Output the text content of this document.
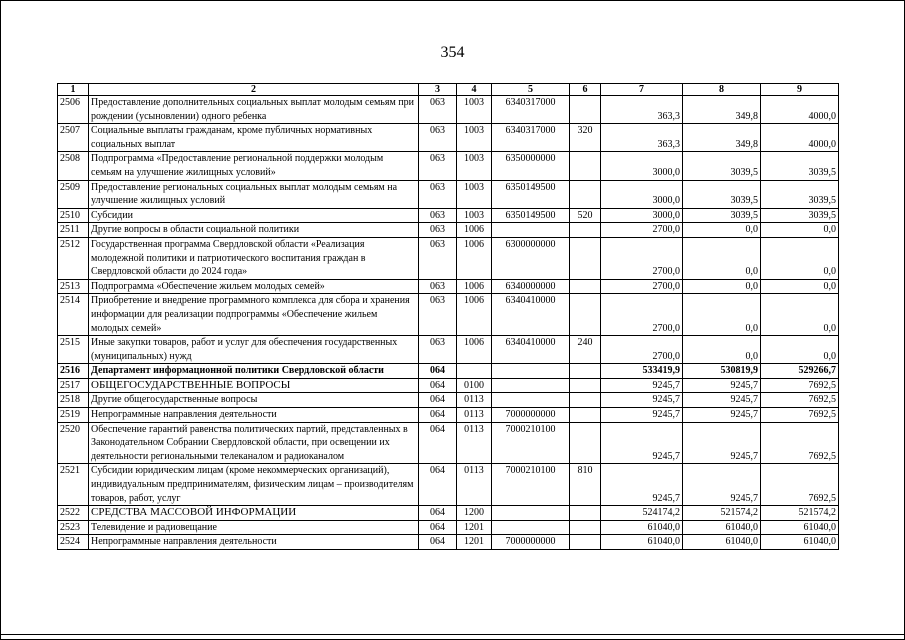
354
1	2	3	4	5	6	7	8	9
2506	Предоставление дополнительных социальных выплат молодым семьям при рождении (усыновлении) одного ребенка	063	1003	6340317000		363,3	349,8	4000,0
2507	Социальные выплаты гражданам, кроме публичных нормативных социальных выплат	063	1003	6340317000	320	363,3	349,8	4000,0
2508	Подпрограмма «Предоставление региональной поддержки молодым семьям на улучшение жилищных условий»	063	1003	6350000000		3000,0	3039,5	3039,5
2509	Предоставление региональных социальных выплат молодым семьям на улучшение жилищных условий	063	1003	6350149500		3000,0	3039,5	3039,5
2510	Субсидии	063	1003	6350149500	520	3000,0	3039,5	3039,5
2511	Другие вопросы в области социальной политики	063	1006			2700,0	0,0	0,0
2512	Государственная программа Свердловской области «Реализация молодежной политики и патриотического воспитания граждан в Свердловской области до 2024 года»	063	1006	6300000000		2700,0	0,0	0,0
2513	Подпрограмма «Обеспечение жильем молодых семей»	063	1006	6340000000		2700,0	0,0	0,0
2514	Приобретение и внедрение программного комплекса для сбора и хранения информации для реализации подпрограммы «Обеспечение жильем молодых семей»	063	1006	6340410000		2700,0	0,0	0,0
2515	Иные закупки товаров, работ и услуг для обеспечения государственных (муниципальных) нужд	063	1006	6340410000	240	2700,0	0,0	0,0
2516	Департамент информационной политики Свердловской области	064				533419,9	530819,9	529266,7
2517	ОБЩЕГОСУДАРСТВЕННЫЕ ВОПРОСЫ	064	0100			9245,7	9245,7	7692,5
2518	Другие общегосударственные вопросы	064	0113			9245,7	9245,7	7692,5
2519	Непрограммные направления деятельности	064	0113	7000000000		9245,7	9245,7	7692,5
2520	Обеспечение гарантий равенства политических партий, представленных в Законодательном Собрании Свердловской области, при освещении их деятельности региональными телеканалом и радиоканалом	064	0113	7000210100		9245,7	9245,7	7692,5
2521	Субсидии юридическим лицам (кроме некоммерческих организаций), индивидуальным предпринимателям, физическим лицам – производителям товаров, работ, услуг	064	0113	7000210100	810	9245,7	9245,7	7692,5
2522	СРЕДСТВА МАССОВОЙ ИНФОРМАЦИИ	064	1200			524174,2	521574,2	521574,2
2523	Телевидение и радиовещание	064	1201			61040,0	61040,0	61040,0
2524	Непрограммные направления деятельности	064	1201	7000000000		61040,0	61040,0	61040,0
